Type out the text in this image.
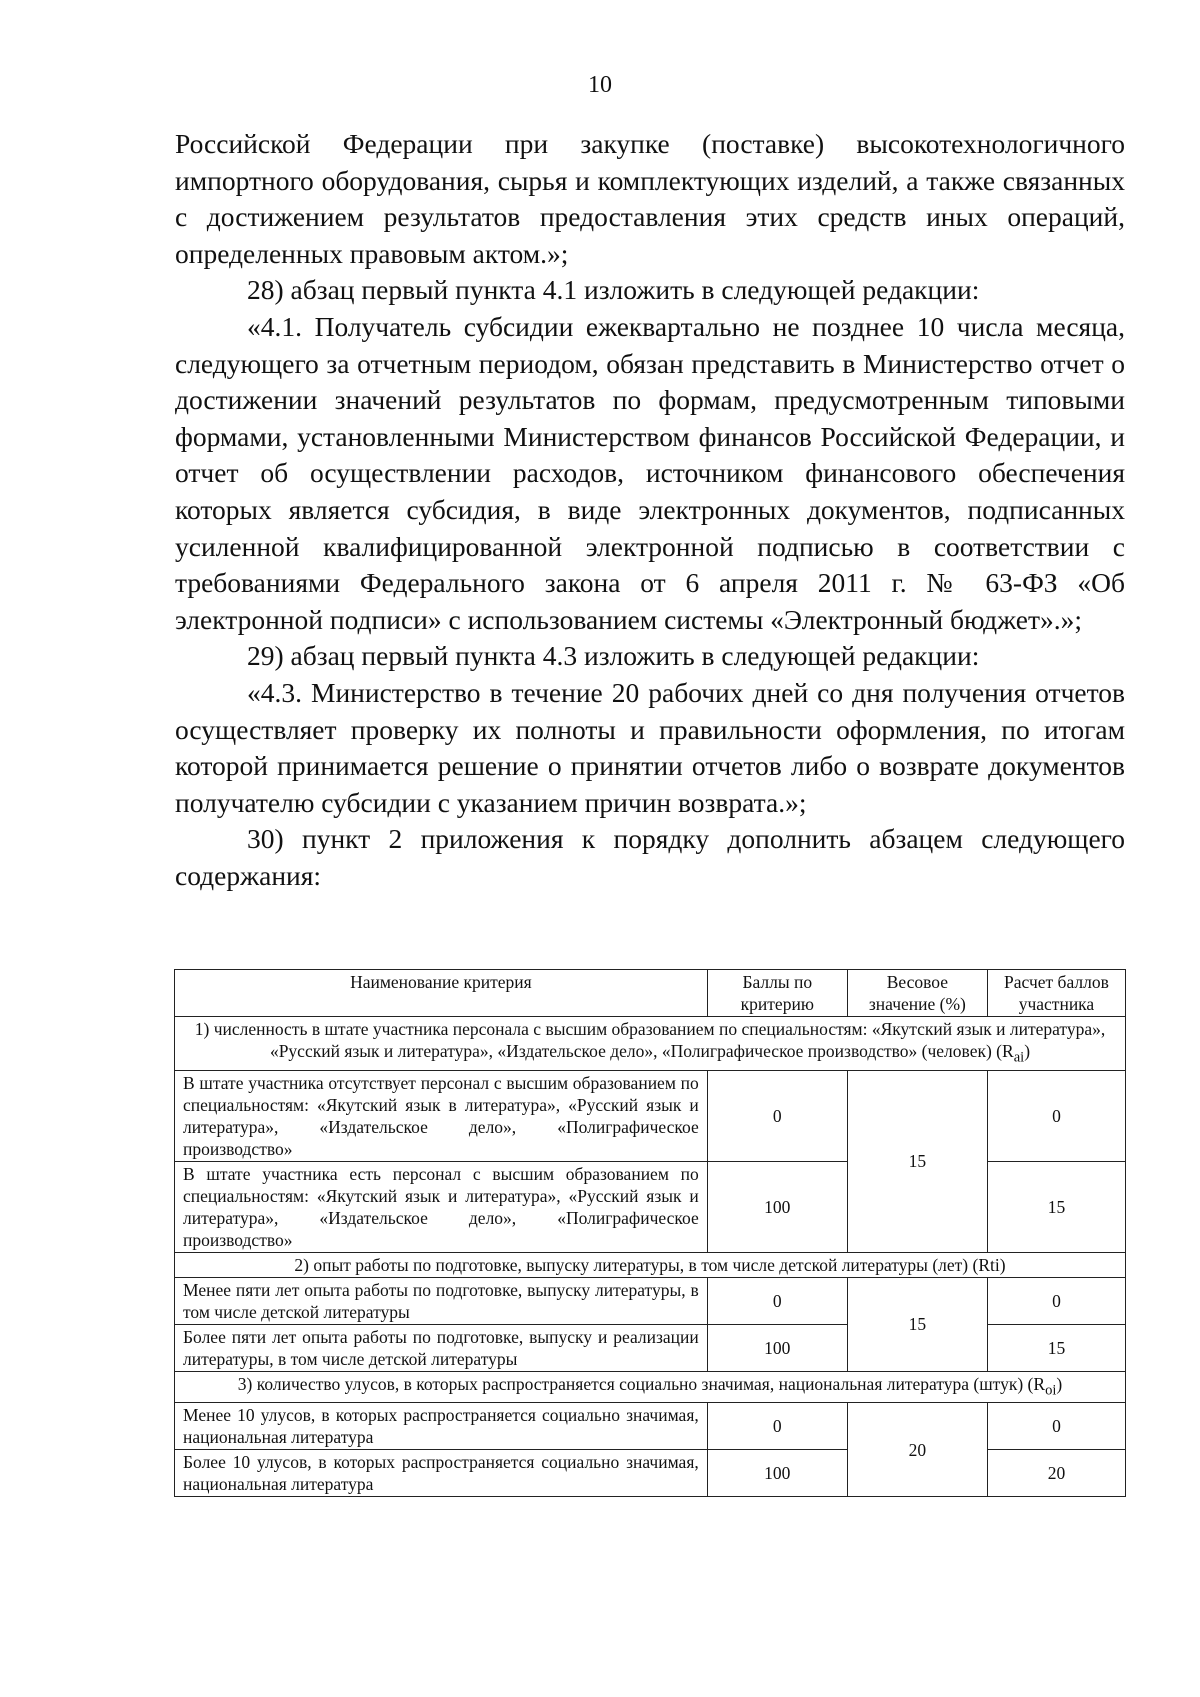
10

Российской Федерации при закупке (поставке) высокотехнологичного импортного оборудования, сырья и комплектующих изделий, а также связанных с достижением результатов предоставления этих средств иных операций, определенных правовым актом.»;

28) абзац первый пункта 4.1 изложить в следующей редакции:

«4.1. Получатель субсидии ежеквартально не позднее 10 числа месяца, следующего за отчетным периодом, обязан представить в Министерство отчет о достижении значений результатов по формам, предусмотренным типовыми формами, установленными Министерством финансов Российской Федерации, и отчет об осуществлении расходов, источником финансового обеспечения которых является субсидия, в виде электронных документов, подписанных усиленной квалифицированной электронной подписью в соответствии с требованиями Федерального закона от 6 апреля 2011 г. № 63-ФЗ «Об электронной подписи» с использованием системы «Электронный бюджет».»;

29) абзац первый пункта 4.3 изложить в следующей редакции:

«4.3. Министерство в течение 20 рабочих дней со дня получения отчетов осуществляет проверку их полноты и правильности оформления, по итогам которой принимается решение о принятии отчетов либо о возврате документов получателю субсидии с указанием причин возврата.»;

30) пункт 2 приложения к порядку дополнить абзацем следующего содержания:

Наименование критерия	Баллы по критерию	Весовое значение (%)	Расчет баллов участника
1) численность в штате участника персонала с высшим образованием по специальностям: «Якутский язык и литература», «Русский язык и литература», «Издательское дело», «Полиграфическое производство» (человек) $(R_{ai})$			
В штате участника отсутствует персонал с высшим образованием по специальностям: «Якутский язык в литература», «Русский язык и литература», «Издательское дело», «Полиграфическое производство»	0	15	0
В штате участника есть персонал с высшим образованием по специальностям: «Якутский язык и литература», «Русский язык и литература», «Издательское дело», «Полиграфическое производство»	100		15
2) опыт работы по подготовке, выпуску литературы, в том числе детской литературы (лет) (Rti)			
Менее пяти лет опыта работы по подготовке, выпуску литературы, в том числе детской литературы	0	15	0
Более пяти лет опыта работы по подготовке, выпуску и реализации литературы, в том числе детской литературы	100		15
3) количество улусов, в которых распространяется социально значимая, национальная литература (штук) $(R_{oi})$			
Менее 10 улусов, в которых распространяется социально значимая, национальная литература	0	20	0
Более 10 улусов, в которых распространяется социально значимая, национальная литература	100		20
